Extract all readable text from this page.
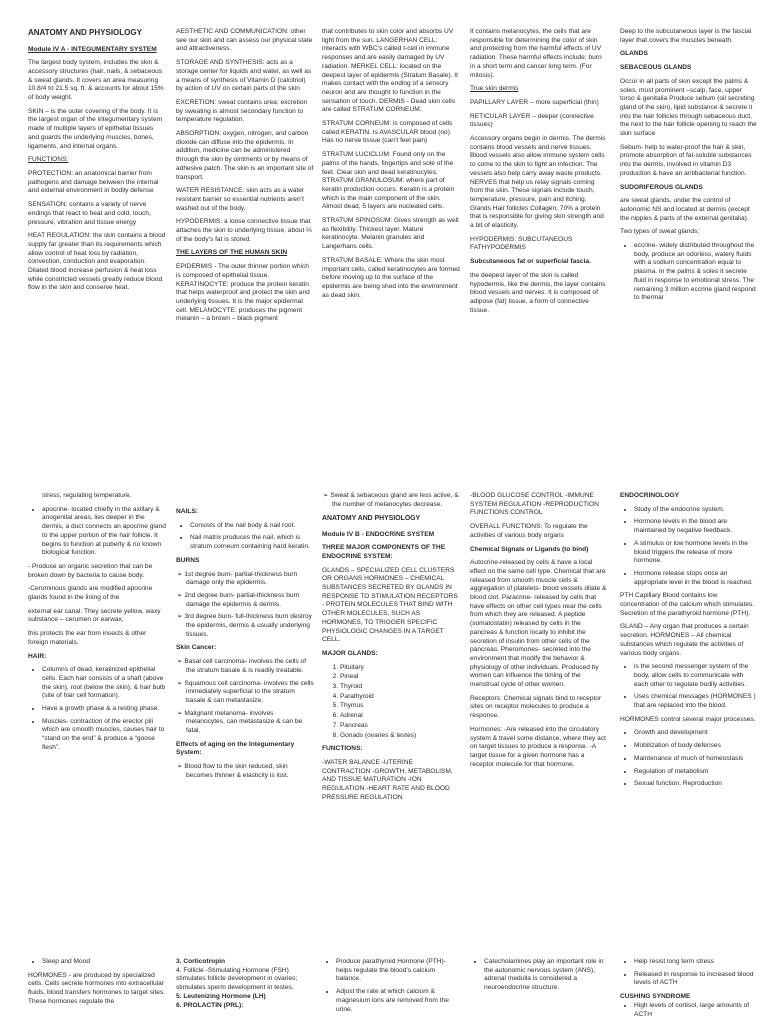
ANATOMY AND PHYSIOLOGY

Module IV A - INTEGUMENTARY SYSTEM

The largest body system, includes the skin & accessory structures (hair, nails, & sebaceous & sweat glands. It covers an area measuring 10.8/4 to 21.5 sq. ft. & accounts for about 15% of body weight.

SKIN – is the outer covering of the body. It is the largest organ of the integumentary system made of multiple layers of epithelial tissues and guards the underlying muscles, bones, ligaments, and internal organs.

FUNCTIONS:

PROTECTION: an anatomical barrier from pathogens and damage between the internal and external environment in bodily defense

SENSATION: contains a variety of nerve endings that react to heat and cold, touch, pressure, vibration and tissue energy

HEAT REGULATION: the skin contains a blood supply far greater than its requirements which allow control of heat loss by radiation, convection, conduction and evaporation. Dilated blood increase perfusion & heat loss while constricted vessels greatly reduce blood flow in the skin and conserve heat.

AESTHETIC AND COMMUNICATION: other see our skin and can assess our physical state and attractiveness.

STORAGE AND SYNTHESIS: acts as a storage center for liquids and water, as well as a means of synthesis of Vitamin D (calcitriol) by action of UV on certain parts of the skin

EXCRETION: sweat contains urea; excretion by sweating is almost secondary function to temperature regulation.

ABSORPTION: oxygen, nitrogen, and carbon dioxide can diffuse into the epidermis. In addition, medicine can be administered through the skin by ointments or by means of adhesive patch. The skin is an important site of transport.

WATER RESISTANCE: skin acts as a water resistant barrier so essential nutrients aren’t washed out of the body.

HYPODERMIS: a loose connective tissue that attaches the skin to underlying tissue, about ⅔ of the body’s fat is stored.

THE LAYERS OF THE HUMAN SKIN

EPIDERMIS - The outer thinner portion which is composed of epithelial tissue. KERATINOCYTE: produce the protein keratin that helps waterproof and protect the skin and underlying tissues. It is the major epidermal cell. MELANOCYTE: produces the pigment melanin – a brown – black pigment

that contributes to skin color and absorbs UV light from the sun. LANGERHAN CELL: interacts with WBC’s called t-cell in immune responses and are easily damaged by UV radiation. MERKEL CELL: located on the deepest layer of epidermis (Stratum Basale). It makes contact with the ending of a sensory neuron and are thought to function in the sensation of touch. DERMIS - Dead skin cells are called STRATUM CORNEUM.

STRATUM CORNEUM: is composed of cells called KERATIN. Is AVASCULAR blood (no) Has no nerve tissue (can’t feel pain)

STRATUM LUCICLUM: Found only on the palms of the hands, fingertips and sole of the feet. Clear skin and dead keratinocytes. STRATUM GRANULOSUM: where part of keratin production occurs. Keratin is a protein which is the main component of the skin. Almost dead, 5 layers are nucleated cells.

STRATUM SPINOSUM: Gives strength as well as flexibility. Thickest layer. Mature keratinocyte. Melanin granules and Langerhans cells.

STRATUM BASALE: Where the skin most important cells, called keratinocytes are formed before moving up to the surface of the epidermis are being shed into the environment as dead skin.

It contains melanocytes, the cells that are responsible for determining the color of skin and protecting from the harmful effects of UV radiation. These harmful effects include; burn in a short term and cancer long term. (For mitosis).

True skin dermis

PAPILLARY LAYER – more superficial (thin)

RETICULAR LAYER – deeper (connective tissues)

Accessory organs begin in dermis. The dermis contains blood vessels and nerve tissues. Blood vessels also allow immune system cells to come to the skin to fight an infection. The vessels also help carry away waste products. NERVES that help us relay signals coming from the skin. These signals include touch, temperature, pressure, pain and itching. Glands Hair follicles Collagen, 70% a protein that is responsible for giving skin strength and a bit of elasticity.

HYPODERMIS: SUBCUTANEOUS FATHYPODERMIS

Subcutaneous fat or superficial fascia.

the deepest layer of the skin is called hypodermis, like the dermis, the layer contains blood vessels and nerves. It is composed of adipose (fat) tissue, a form of connective tissue.

Deep to the subcutaneous layer is the fascial layer that covers the muscles beneath.

GLANDS

SEBACEOUS GLANDS

Occur in all parts of skin except the palms & soles, most prominent –scalp, face, upper torso & genitalia Produce sebum (oil secreting gland of the skin), lipid substance & secrete it into the hair follicles through sebaceous duct, the next to the hair follicle opening to reach the skin surface

Sebum- help to water-proof the hair & skin, promote absorption of fat-soluble substances into the dermis, involved in vitamin D3 production & have an antibacterial function.

SUDORIFEROUS GLANDS

are sweat glands, under the control of autonomic NS and located at dermis (except the nipples & parts of the external genitalia).

Two types of sweat glands;

• eccrine- widely distributed throughout the body, produce an odorless, watery fluids with a sodium concentration equal to plasma. In the palms & soles it secrete fluid in response to emotional stress. The remaining 3 million eccrine gland respond to thermal

stress, regulating temperature.

• apocrine- located chiefly in the axillary & anogenital areas, lies deeper in the dermis, a duct connects an apocrine gland to the upper portion of the hair follicle. It begins to function at puberty & no known biological function.

- Produce an organic secretion that can be broken down by bacteria to cause body.

-Ceruminous glands are modified apocrine glands found in the lining of the

external ear canal. They secrete yellow, waxy substance – cerumen or earwax,

this protects the ear from insects & other foreign materials.

HAIR:

• Columns of dead, keratinized epithelial cells. Each hair consists of a shaft (above the skin), root (below the skin), & hair bulb (site of hair cell formation).
• Have a growth phase & a resting phase.
• Muscles- contraction of the erector pili which are smooth muscles, causes hair to “stand on the end” & produce a “goose flesh”.

NAILS:

• Consists of the nail body & nail root.
• Nail matrix produces the nail, which is stratum corneum containing hard keratin.

BURNS

➢ 1st degree burn- partial-thickness burn damage only the epidermis.
➢ 2nd degree burn- partial-thickness burn damage the epidermis & dermis.
➢ 3rd degree burn- full-thickness burn destroy the epidermis, dermis & usually underlying tissues.

Skin Cancer:

➢ Basal cell carcinoma- involves the cells of the stratum basale & is readily treatable.
➢ Squamous cell carcinoma- involves the cells immediately superficial to the stratum basale & can metastasize.
➢ Malignant melanoma- involves melanocytes, can metastasize & can be fatal.

Effects of aging on the Integumentary System:

➢ Blood flow to the skin reduced, skin becomes thinner & elasticity is lost.
➢ Sweat & sebaceous gland are less active, & the number of melanocytes decrease.
ANATOMY AND PHYSIOLOGY

Module IV B - ENDOCRINE SYSTEM

THREE MAJOR COMPONENTS OF THE ENDOCRINE SYSTEM:

GLANDS – SPECIALIZED CELL CLUSTERS OR ORGANS HORMONES – CHEMICAL SUBSTANCES SECRETED BY GLANDS IN RESPONSE TO STIMULATION RECEPTORS - PROTEIN MOLECULES THAT BIND WITH OTHER MOLECULES, SUCH AS HORMONES, TO TRIGGER SPECIFIC PHYSIOLOGIC CHANGES IN A TARGET CELL.

MAJOR GLANDS:

1. Pituitary
2. Pineal
3. Thyroid
4. Parathyroid
5. Thymus
6. Adrenal
7. Pancreas
8. Gonads (ovaries & testes)

FUNCTIONS:

-WATER BALANCE -UTERINE CONTRACTION -GROWTH, METABOLISM, AND TISSUE MATURATION -ION REGULATION -HEART RATE AND BLOOD PRESSURE REGULATION

-BLOOD GLUCOSE CONTROL -IMMUNE SYSTEM REGULATION -REPRODUCTION FUNCTIONS CONTROL

OVERALL FUNCTIONS: To regulate the activities of various body organs

Chemical Signals or Ligands (to bind)

Autocrine-released by cells & have a local effect on the same cell type. Chemical that are released from smooth muscle cells & aggregation of platelets- blood vessels dilate & blood clot. Paracrine- released by cells that have effects on other cell types near the cells from which they are released. A peptide (somatostatin) released by cells in the pancreas & function locally to inhibit the secretion of insulin from other cells of the pancreas. Pheromones- secreted into the environment that modify the behavior & physiology of other individuals. Produced by women can influence the timing of the menstrual cycle of other women.

Receptors: Chemical signals bind to receptor sites on receptor molecules to produce a response.

Hormones: -Are released into the circulatory system & travel some distance, where they act on target tissues to produce a response. -A target tissue for a given hormone has a receptor molecule for that hormone.

ENDOCRINOLOGY

• Study of the endocrine system.
• Hormone levels in the blood are maintained by negative feedback.
• A stimulus or low hormone levels in the blood triggers the release of more hormone.
• Hormone release stops once an appropriate level in the blood is reached.

PTH Capillary Blood contains low concentration of the calcium which stimulates. Secretion of the parathyroid hormone (PTH).

GLAND – Any organ that produces a certain secretion. HORMONES – All chemical substances which regulate the activities of various body organs.

• is the second messenger system of the body, allow cells to communicate with each other to regulate bodily activities.
• Uses chemical messages (HORMONES ) that are replaced into the blood.

HORMONES control several major processes.

• Growth and development
• Mobilization of body defenses
• Maintenance of much of homeostasis
• Regulation of metabolism
• Sexual function, Reproduction
• Sleep and Mood

HORMONES - are produced by specialized cells. Cells secrete hormones into extracellular fluids, blood transfers hormones to target sites. These hormones regulate the

3. Corticotropin

4. Follicle -Stimulating Hormone (FSH) stimulates follicle development in ovaries; stimulates sperm development in testes.

5. Leutenizing Hormone (LH)

6. PROLACTIN (PRL):

• Produce parathyroid Hormone (PTH)- helps regulate the blood’s calcium balance.
• Adjust the rate at which calcium & magnesium ions are removed from the urine.
• Catecholamines play an important role in the autonomic nervous system (ANS), adrenal medulla is considered a neuroendocrine structure.
• Help resist long term stress
• Released in response to increased blood levels of ACTH

CUSHING SYNDROME

• High levels of cortisol, large amounts of ACTH
